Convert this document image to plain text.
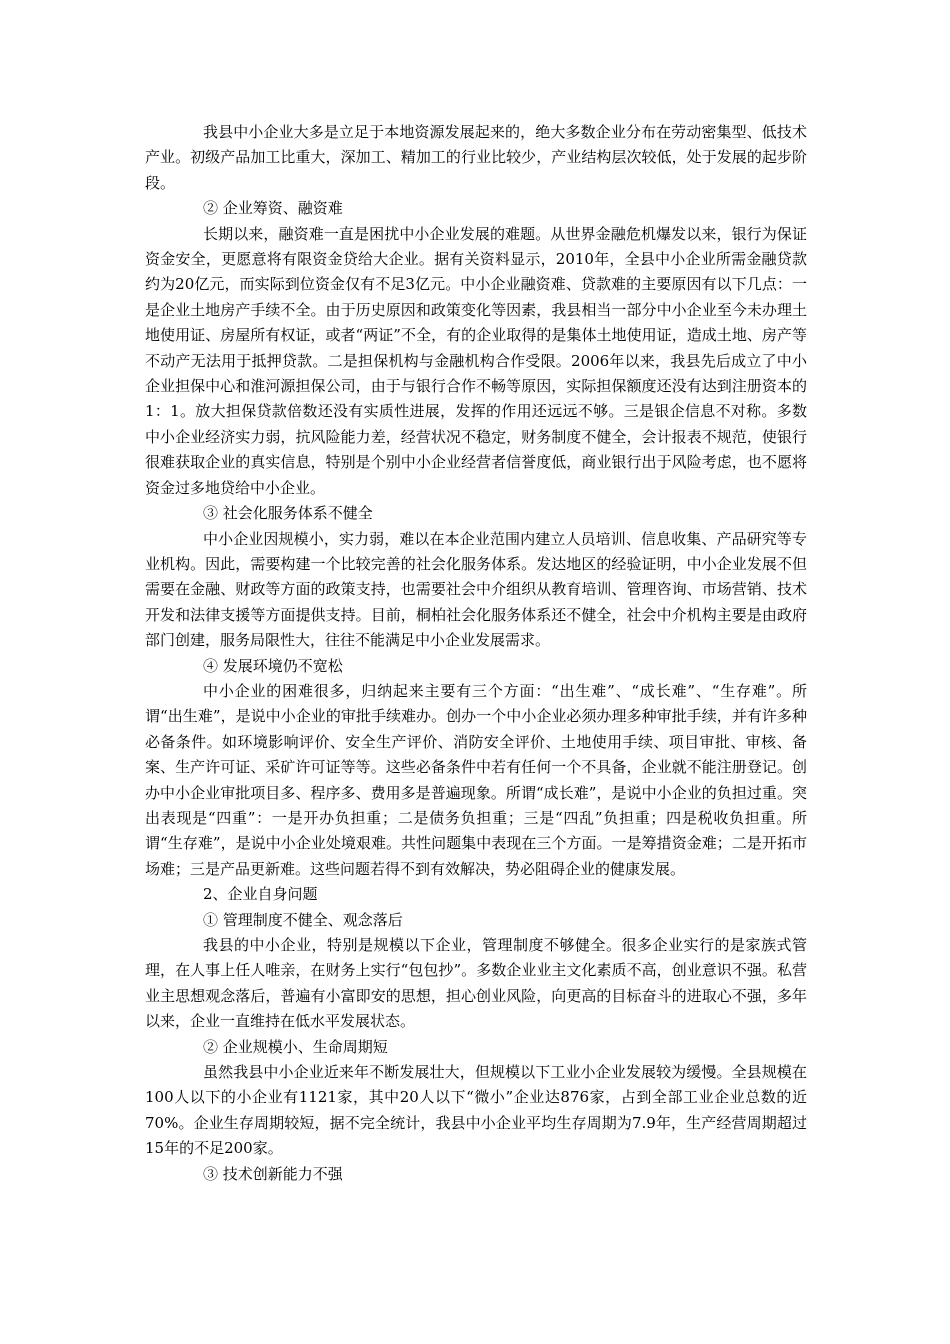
我县中小企业大多是立足于本地资源发展起来的，绝大多数企业分布在劳动密集型、低技术产业。初级产品加工比重大，深加工、精加工的行业比较少，产业结构层次较低，处于发展的起步阶段。

② 企业筹资、融资难

长期以来，融资难一直是困扰中小企业发展的难题。从世界金融危机爆发以来，银行为保证资金安全，更愿意将有限资金贷给大企业。据有关资料显示，2010年，全县中小企业所需金融贷款约为20亿元，而实际到位资金仅有不足3亿元。中小企业融资难、贷款难的主要原因有以下几点：一是企业土地房产手续不全。由于历史原因和政策变化等因素，我县相当一部分中小企业至今未办理土地使用证、房屋所有权证，或者“两证”不全，有的企业取得的是集体土地使用证，造成土地、房产等不动产无法用于抵押贷款。二是担保机构与金融机构合作受限。2006年以来，我县先后成立了中小企业担保中心和淮河源担保公司，由于与银行合作不畅等原因，实际担保额度还没有达到注册资本的1：1。放大担保贷款倍数还没有实质性进展，发挥的作用还远远不够。三是银企信息不对称。多数中小企业经济实力弱，抗风险能力差，经营状况不稳定，财务制度不健全，会计报表不规范，使银行很难获取企业的真实信息，特别是个别中小企业经营者信誉度低，商业银行出于风险考虑，也不愿将资金过多地贷给中小企业。

③ 社会化服务体系不健全

中小企业因规模小，实力弱，难以在本企业范围内建立人员培训、信息收集、产品研究等专业机构。因此，需要构建一个比较完善的社会化服务体系。发达地区的经验证明，中小企业发展不但需要在金融、财政等方面的政策支持，也需要社会中介组织从教育培训、管理咨询、市场营销、技术开发和法律支援等方面提供支持。目前，桐柏社会化服务体系还不健全，社会中介机构主要是由政府部门创建，服务局限性大，往往不能满足中小企业发展需求。

④ 发展环境仍不宽松

中小企业的困难很多，归纳起来主要有三个方面：“出生难”、“成长难”、“生存难”。所谓“出生难”，是说中小企业的审批手续难办。创办一个中小企业必须办理多种审批手续，并有许多种必备条件。如环境影响评价、安全生产评价、消防安全评价、土地使用手续、项目审批、审核、备案、生产许可证、采矿许可证等等。这些必备条件中若有任何一个不具备，企业就不能注册登记。创办中小企业审批项目多、程序多、费用多是普遍现象。所谓“成长难”，是说中小企业的负担过重。突出表现是“四重”：一是开办负担重；二是债务负担重；三是“四乱”负担重；四是税收负担重。所谓“生存难”，是说中小企业处境艰难。共性问题集中表现在三个方面。一是筹措资金难；二是开拓市场难；三是产品更新难。这些问题若得不到有效解决，势必阻碍企业的健康发展。

2、企业自身问题

① 管理制度不健全、观念落后

我县的中小企业，特别是规模以下企业，管理制度不够健全。很多企业实行的是家族式管理，在人事上任人唯亲，在财务上实行“包包抄”。多数企业业主文化素质不高，创业意识不强。私营业主思想观念落后，普遍有小富即安的思想，担心创业风险，向更高的目标奋斗的进取心不强，多年以来，企业一直维持在低水平发展状态。

② 企业规模小、生命周期短

虽然我县中小企业近来年不断发展壮大，但规模以下工业小企业发展较为缓慢。全县规模在100人以下的小企业有1121家，其中20人以下“微小”企业达876家，占到全部工业企业总数的近70%。企业生存周期较短，据不完全统计，我县中小企业平均生存周期为7.9年，生产经营周期超过15年的不足200家。

③ 技术创新能力不强
